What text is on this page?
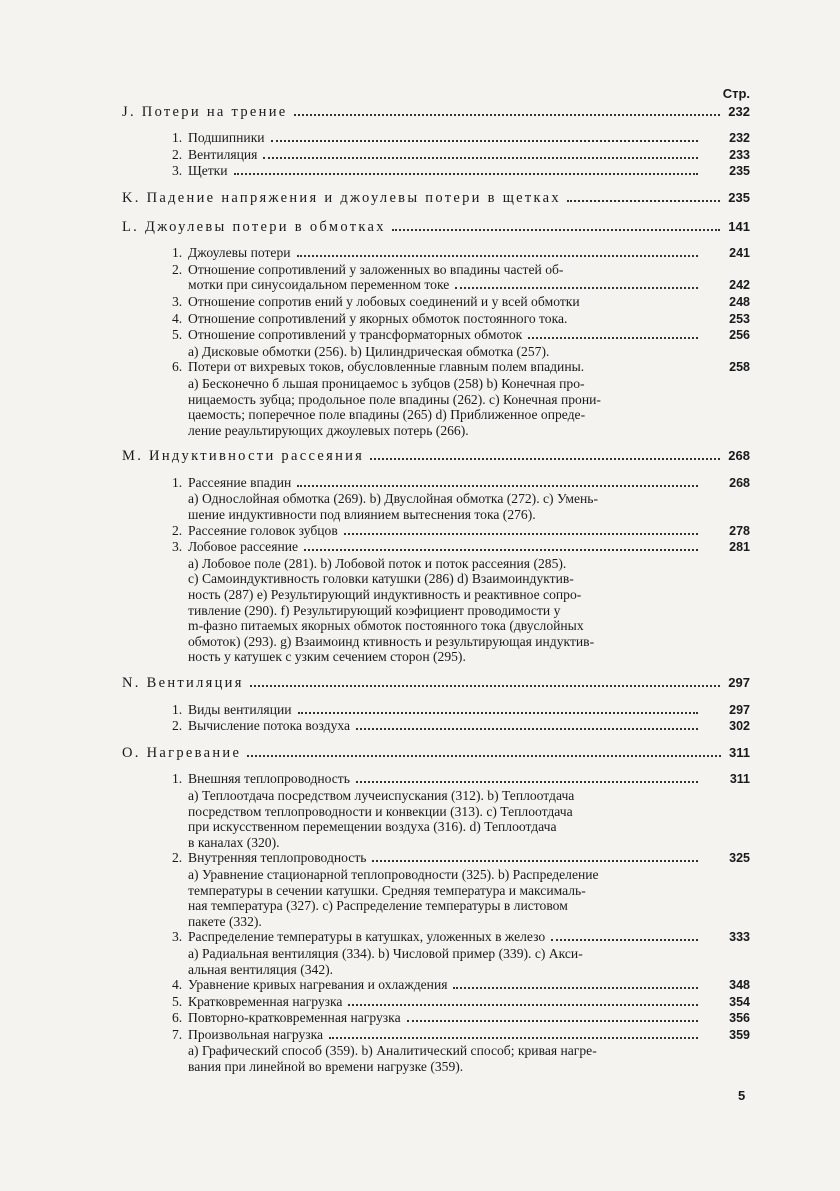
Стр.
J. Потери на трение	232
1. Подшипники	232
2. Вентиляция	233
3. Щетки	235
K. Падение напряжения и джоулевы потери в щетках	235
L. Джоулевы потери в обмотках	141
1. Джоулевы потери	241
2. Отношение сопротивлений у заложенных во впадины частей об-
мотки при синусоидальном переменном токе	242
3. Отношение сопротив ений у лобовых соединений и у всей обмотки	248
4. Отношение сопротивлений у якорных обмоток постоянного тока.	253
5. Отношение сопротивлений у трансформаторных обмоток	256
а) Дисковые обмотки (256). b) Цилиндрическая обмотка (257).
6. Потери от вихревых токов, обусловленные главным полем впадины.	258
а) Бесконечно б льшая проницаемос ь зубцов (258) b) Конечная про-
ницаемость зубца; продольное поле впадины (262). c) Конечная прони-
цаемость; поперечное поле впадины (265) d) Приближенное опреде-
ление реаультирующих джоулевых потерь (266).
M. Индуктивности рассеяния	268
1. Рассеяние впадин	268
а) Однослойная обмотка (269). b) Двуслойная обмотка (272). c) Умень-
шение индуктивности под влиянием вытеснения тока (276).
2. Рассеяние головок зубцов	278
3. Лобовое рассеяние	281
а) Лобовое поле (281). b) Лобовой поток и поток рассеяния (285).
c) Самоиндуктивность головки катушки (286) d) Взаимоиндуктив-
ность (287) e) Результирующий индуктивность и реактивное сопро-
тивление (290). f) Результирующий коэфициент проводимости у
m-фазно питаемых якорных обмоток постоянного тока (двуслойных
обмоток) (293). g) Взаимоинд ктивность и результирующая индуктив-
ность у катушек с узким сечением сторон (295).
N. Вентиляция	297
1. Виды вентиляции	297
2. Вычисление потока воздуха	302
O. Нагревание	311
1. Внешняя теплопроводность	311
а) Теплоотдача посредством лучеиспускания (312). b) Теплоотдача
посредством теплопроводности и конвекции (313). c) Теплоотдача
при искусственном перемещении воздуха (316). d) Теплоотдача
в каналах (320).
2. Внутренняя теплопроводность	325
а) Уравнение стационарной теплопроводности (325). b) Распределение
температуры в сечении катушки. Средняя температура и максималь-
ная температура (327). c) Распределение температуры в листовом
пакете (332).
3. Распределение температуры в катушках, уложенных в железо	333
а) Радиальная вентиляция (334). b) Числовой пример (339). c) Акси-
альная вентиляция (342).
4. Уравнение кривых нагревания и охлаждения	348
5. Кратковременная нагрузка	354
6. Повторно-кратковременная нагрузка	356
7. Произвольная нагрузка	359
а) Графический способ (359). b) Аналитический способ; кривая нагре-
вания при линейной во времени нагрузке (359).
5
